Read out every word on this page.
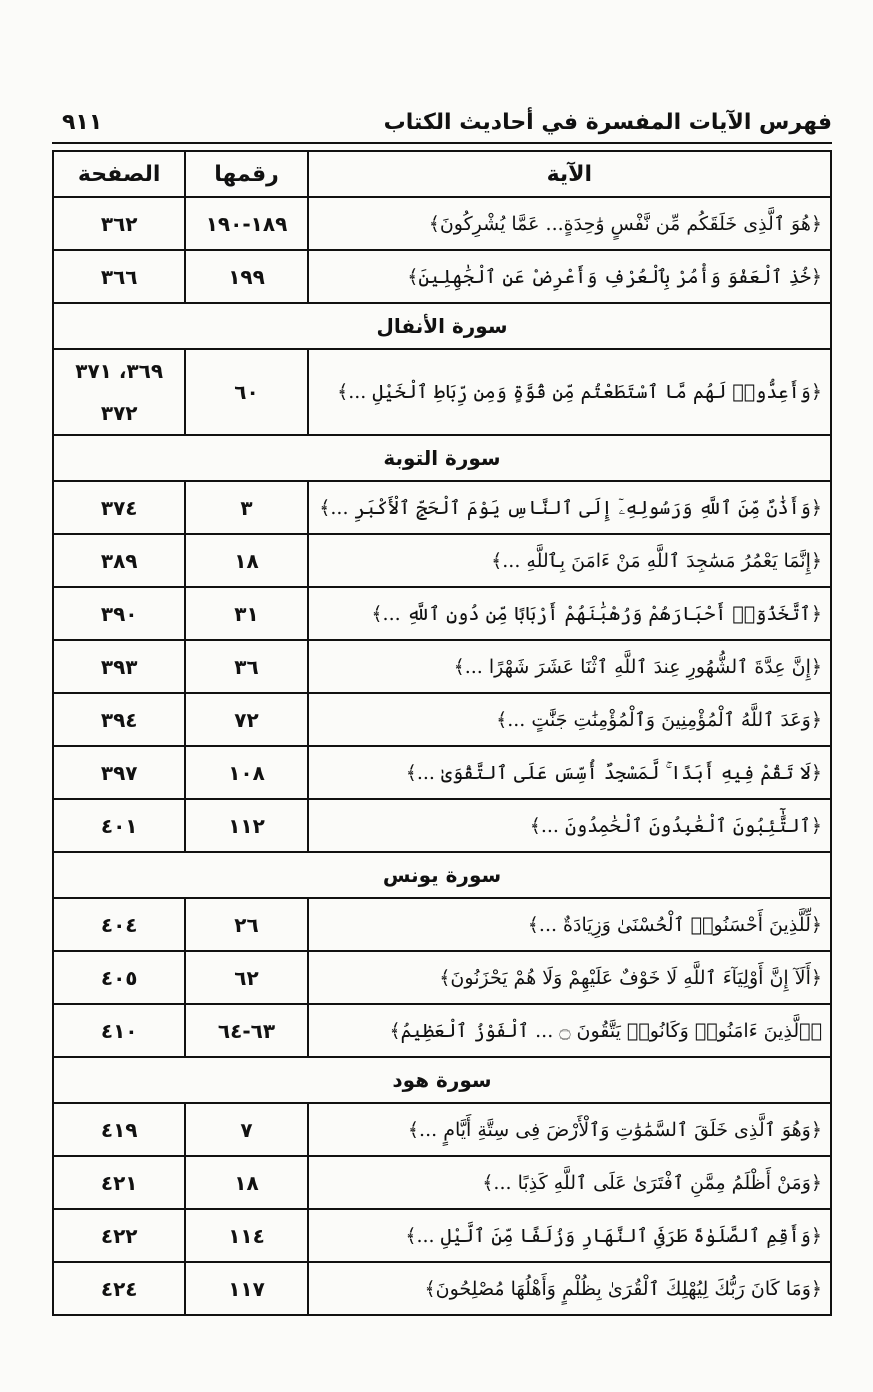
فهرس الآيات المفسرة في أحاديث الكتاب
٩١١
الآية	رقمها	الصفحة
﴿هُوَ ٱلَّذِى خَلَقَكُم مِّن نَّفْسٍ وَٰحِدَةٍ... عَمَّا يُشْرِكُونَ﴾	١٨٩-١٩٠	٣٦٢
﴿خُذِ ٱلْعَفْوَ وَأْمُرْ بِٱلْعُرْفِ وَأَعْرِضْ عَنِ ٱلْجَٰهِلِينَ﴾	١٩٩	٣٦٦
سورة الأنفال		
﴿وَأَعِدُّوا۟ لَهُم مَّا ٱسْتَطَعْتُم مِّن قُوَّةٍ وَمِن رِّبَاطِ ٱلْخَيْلِ ...﴾	٦٠	٣٦٩، ٣٧١
٣٧٢

سورة التوبة		
﴿وَأَذَٰنٌ مِّنَ ٱللَّهِ وَرَسُولِهِۦٓ إِلَى ٱلنَّاسِ يَوْمَ ٱلْحَجِّ ٱلْأَكْبَرِ ...﴾	٣	٣٧٤
﴿إِنَّمَا يَعْمُرُ مَسَٰجِدَ ٱللَّهِ مَنْ ءَامَنَ بِٱللَّهِ ...﴾	١٨	٣٨٩
﴿ٱتَّخَذُوٓا۟ أَحْبَارَهُمْ وَرُهْبَٰنَهُمْ أَرْبَابًا مِّن دُونِ ٱللَّهِ ...﴾	٣١	٣٩٠
﴿إِنَّ عِدَّةَ ٱلشُّهُورِ عِندَ ٱللَّهِ ٱثْنَا عَشَرَ شَهْرًا ...﴾	٣٦	٣٩٣
﴿وَعَدَ ٱللَّهُ ٱلْمُؤْمِنِينَ وَٱلْمُؤْمِنَٰتِ جَنَّٰتٍ ...﴾	٧٢	٣٩٤
﴿لَا تَقُمْ فِيهِ أَبَدًا ۚ لَّمَسْجِدٌ أُسِّسَ عَلَى ٱلتَّقْوَىٰ ...﴾	١٠٨	٣٩٧
﴿ٱلتَّٰٓئِبُونَ ٱلْعَٰبِدُونَ ٱلْحَٰمِدُونَ ...﴾	١١٢	٤٠١
سورة يونس		
﴿لِّلَّذِينَ أَحْسَنُوا۟ ٱلْحُسْنَىٰ وَزِيَادَةٌ ...﴾	٢٦	٤٠٤
﴿أَلَآ إِنَّ أَوْلِيَآءَ ٱللَّهِ لَا خَوْفٌ عَلَيْهِمْ وَلَا هُمْ يَحْزَنُونَ﴾	٦٢	٤٠٥
﴿ٱلَّذِينَ ءَامَنُوا۟ وَكَانُوا۟ يَتَّقُونَ ۝ ... ٱلْفَوْزُ ٱلْعَظِيمُ﴾	٦٣-٦٤	٤١٠
سورة هود		
﴿وَهُوَ ٱلَّذِى خَلَقَ ٱلسَّمَٰوَٰتِ وَٱلْأَرْضَ فِى سِتَّةِ أَيَّامٍ ...﴾	٧	٤١٩
﴿وَمَنْ أَظْلَمُ مِمَّنِ ٱفْتَرَىٰ عَلَى ٱللَّهِ كَذِبًا ...﴾	١٨	٤٢١
﴿وَأَقِمِ ٱلصَّلَوٰةَ طَرَفَىِ ٱلنَّهَارِ وَزُلَفًا مِّنَ ٱلَّيْلِ ...﴾	١١٤	٤٢٢
﴿وَمَا كَانَ رَبُّكَ لِيُهْلِكَ ٱلْقُرَىٰ بِظُلْمٍ وَأَهْلُهَا مُصْلِحُونَ﴾	١١٧	٤٢٤
